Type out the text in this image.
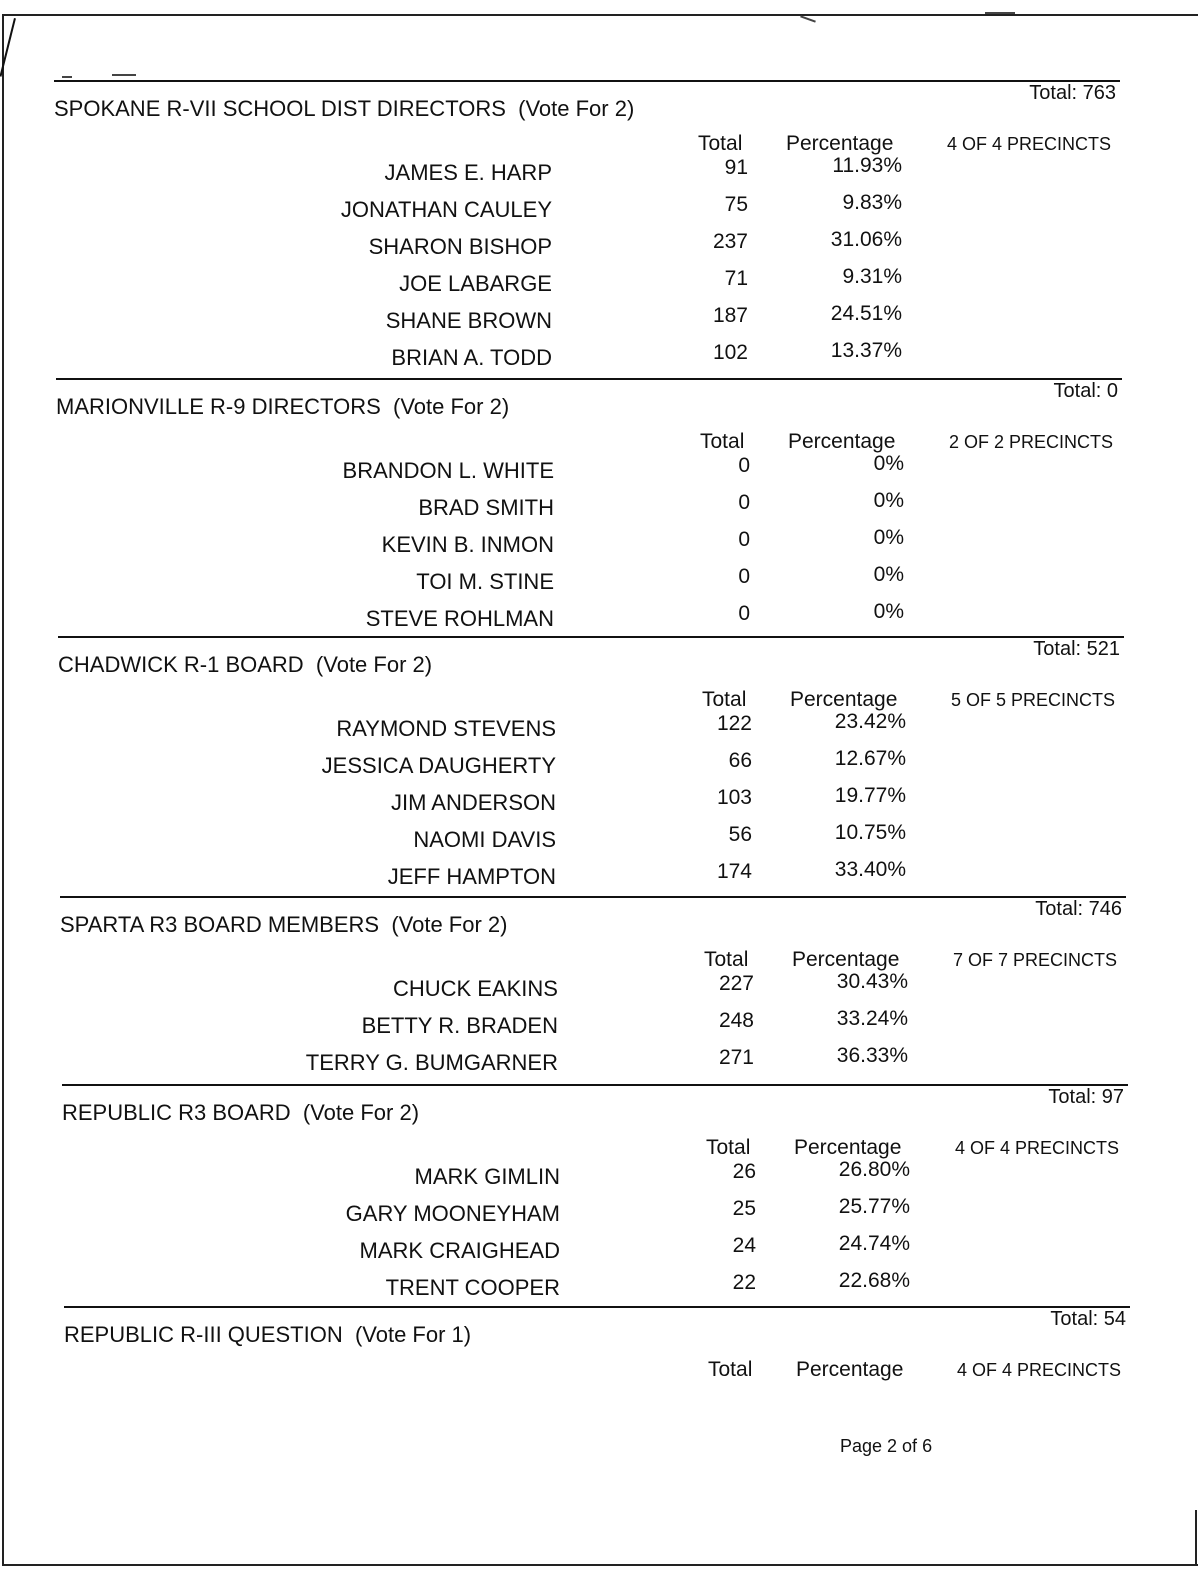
Total: 763
SPOKANE R-VII SCHOOL DIST DIRECTORS (Vote For 2)
Total Percentage	4 OF 4 PRECINCTS
JAMES E. HARP	91	11.93%
JONATHAN CAULEY	75	9.83%
SHARON BISHOP	237	31.06%
JOE LABARGE	71	9.31%
SHANE BROWN	187	24.51%
BRIAN A. TODD	102	13.37%
Total: 0
MARIONVILLE R-9 DIRECTORS (Vote For 2)
Total Percentage	2 OF 2 PRECINCTS
BRANDON L. WHITE	0	0%
BRAD SMITH	0	0%
KEVIN B. INMON	0	0%
TOI M. STINE	0	0%
STEVE ROHLMAN	0	0%
Total: 521
CHADWICK R-1 BOARD (Vote For 2)
Total Percentage	5 OF 5 PRECINCTS
RAYMOND STEVENS	122	23.42%
JESSICA DAUGHERTY	66	12.67%
JIM ANDERSON	103	19.77%
NAOMI DAVIS	56	10.75%
JEFF HAMPTON	174	33.40%
Total: 746
SPARTA R3 BOARD MEMBERS (Vote For 2)
Total Percentage	7 OF 7 PRECINCTS
CHUCK EAKINS	227	30.43%
BETTY R. BRADEN	248	33.24%
TERRY G. BUMGARNER	271	36.33%
Total: 97
REPUBLIC R3 BOARD (Vote For 2)
Total Percentage	4 OF 4 PRECINCTS
MARK GIMLIN	26	26.80%
GARY MOONEYHAM	25	25.77%
MARK CRAIGHEAD	24	24.74%
TRENT COOPER	22	22.68%
Total: 54
REPUBLIC R-III QUESTION (Vote For 1)
Total Percentage	4 OF 4 PRECINCTS
Page 2 of 6
